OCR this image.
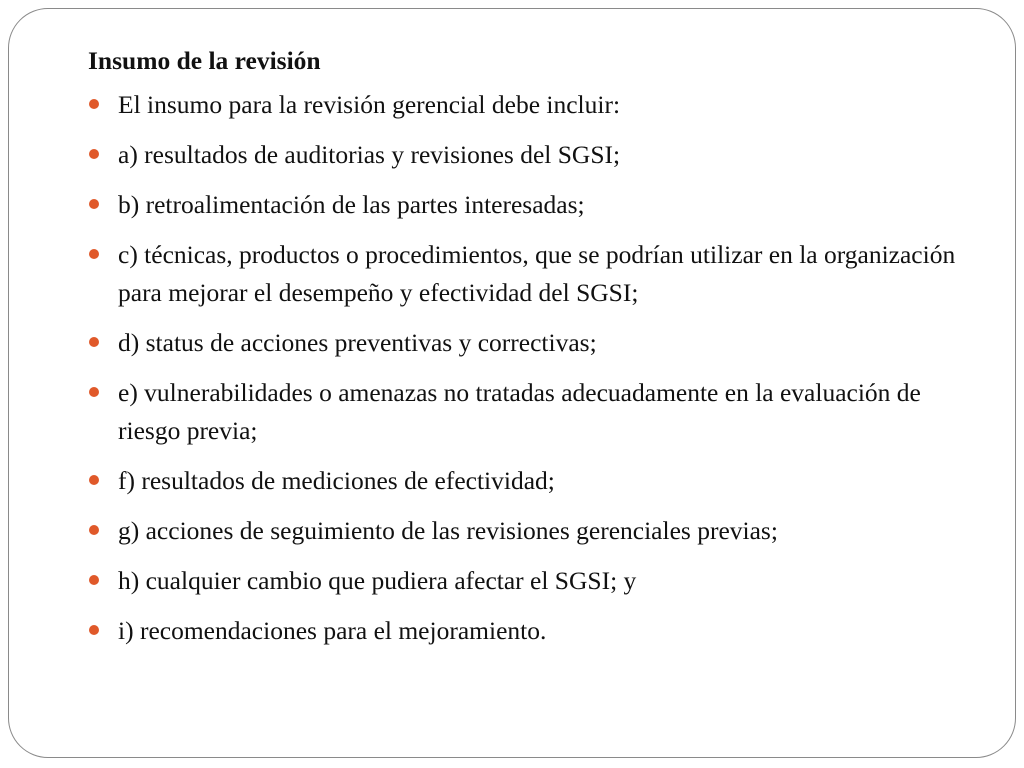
Insumo de la revisión

El insumo para la revisión gerencial debe incluir:
a) resultados de auditorias y revisiones del SGSI;
b) retroalimentación de las partes interesadas;
c) técnicas, productos o procedimientos, que se podrían utilizar en la organización para mejorar el desempeño y efectividad del SGSI;
d) status de acciones preventivas y correctivas;
e) vulnerabilidades o amenazas no tratadas adecuadamente en la evaluación de riesgo previa;
f) resultados de mediciones de efectividad;
g) acciones de seguimiento de las revisiones gerenciales previas;
h) cualquier cambio que pudiera afectar el SGSI; y
i) recomendaciones para el mejoramiento.
